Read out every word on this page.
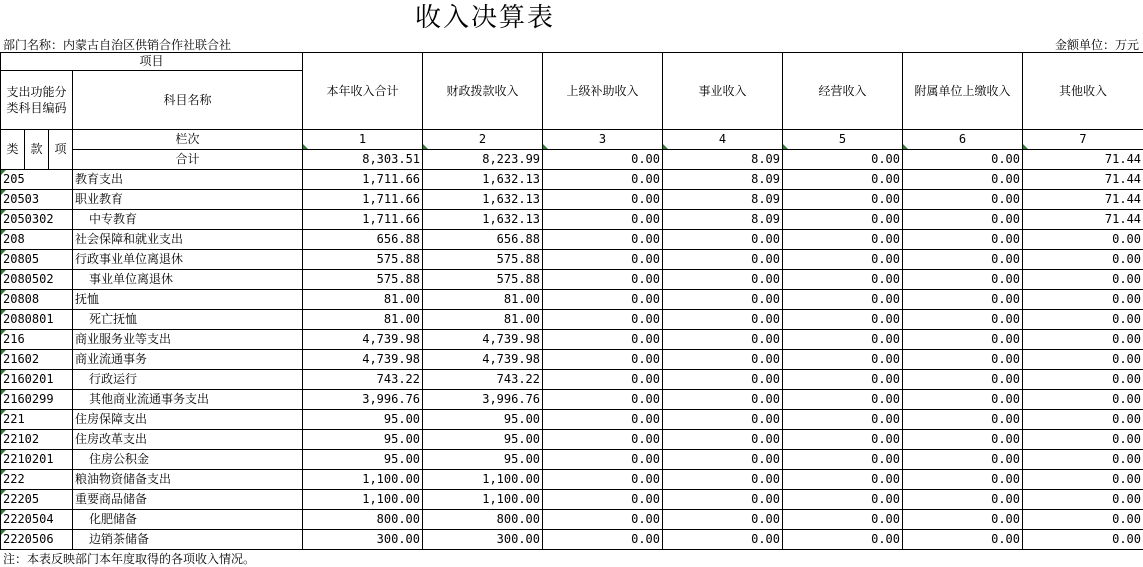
收入决算表
部门名称：内蒙古自治区供销合作社联合社	金额单位：万元
项目				本年收入合计	财政拨款收入	上级补助收入	事业收入	经营收入	附属单位上缴收入	其他收入
支出功能分类科目编码			科目名称							

类	款	项	栏次	1	2	3	4	5	6	7
			合计	8,303.51	8,223.99	0.00	8.09	0.00	0.00	71.44
205			教育支出	1,711.66	1,632.13	0.00	8.09	0.00	0.00	71.44
20503			职业教育	1,711.66	1,632.13	0.00	8.09	0.00	0.00	71.44
2050302			中专教育	1,711.66	1,632.13	0.00	8.09	0.00	0.00	71.44
208			社会保障和就业支出	656.88	656.88	0.00	0.00	0.00	0.00	0.00
20805			行政事业单位离退休	575.88	575.88	0.00	0.00	0.00	0.00	0.00
2080502			事业单位离退休	575.88	575.88	0.00	0.00	0.00	0.00	0.00
20808			抚恤	81.00	81.00	0.00	0.00	0.00	0.00	0.00
2080801			死亡抚恤	81.00	81.00	0.00	0.00	0.00	0.00	0.00
216			商业服务业等支出	4,739.98	4,739.98	0.00	0.00	0.00	0.00	0.00
21602			商业流通事务	4,739.98	4,739.98	0.00	0.00	0.00	0.00	0.00
2160201			行政运行	743.22	743.22	0.00	0.00	0.00	0.00	0.00
2160299			其他商业流通事务支出	3,996.76	3,996.76	0.00	0.00	0.00	0.00	0.00
221			住房保障支出	95.00	95.00	0.00	0.00	0.00	0.00	0.00
22102			住房改革支出	95.00	95.00	0.00	0.00	0.00	0.00	0.00
2210201			住房公积金	95.00	95.00	0.00	0.00	0.00	0.00	0.00
222			粮油物资储备支出	1,100.00	1,100.00	0.00	0.00	0.00	0.00	0.00
22205			重要商品储备	1,100.00	1,100.00	0.00	0.00	0.00	0.00	0.00
2220504			化肥储备	800.00	800.00	0.00	0.00	0.00	0.00	0.00
2220506			边销茶储备	300.00	300.00	0.00	0.00	0.00	0.00	0.00
注：本表反映部门本年度取得的各项收入情况。
